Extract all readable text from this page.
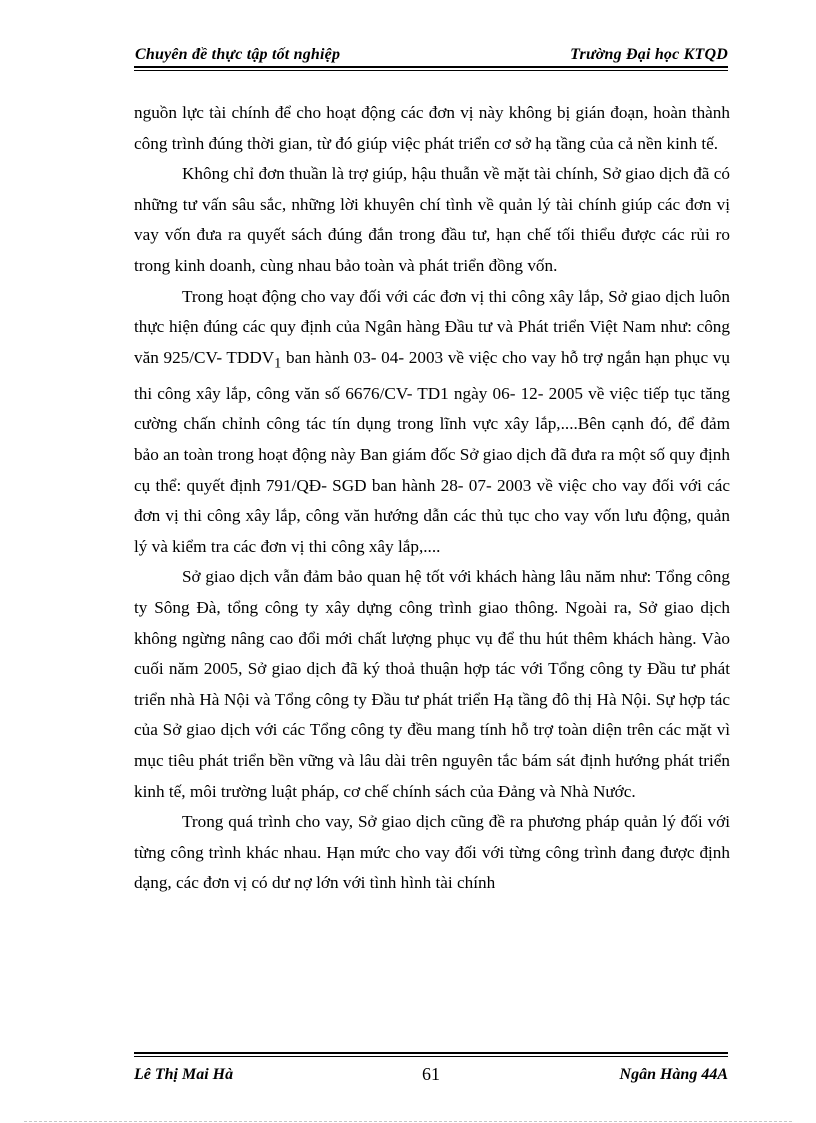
Chuyên đề thực tập tốt nghiệp	Trường Đại học KTQD

nguồn lực tài chính để cho hoạt động các đơn vị này không bị gián đoạn, hoàn thành công trình đúng thời gian, từ đó giúp việc phát triển cơ sở hạ tầng của cả nền kinh tế.

Không chỉ đơn thuần là trợ giúp, hậu thuẫn về mặt tài chính, Sở giao dịch đã có những tư vấn sâu sắc, những lời khuyên chí tình về quản lý tài chính giúp các đơn vị vay vốn đưa ra quyết sách đúng đắn trong đầu tư, hạn chế tối thiểu được các rủi ro trong kinh doanh, cùng nhau bảo toàn và phát triển đồng vốn.

Trong hoạt động cho vay đối với các đơn vị thi công xây lắp, Sở giao dịch luôn thực hiện đúng các quy định của Ngân hàng Đầu tư và Phát triển Việt Nam như: công văn 925/CV- $TDDV_1$ ban hành 03- 04- 2003 về việc cho vay hỗ trợ ngắn hạn phục vụ thi công xây lắp, công văn số 6676/CV- TD1 ngày 06- 12- 2005 về việc tiếp tục tăng cường chấn chỉnh công tác tín dụng trong lĩnh vực xây lắp,....Bên cạnh đó, để đảm bảo an toàn trong hoạt động này Ban giám đốc Sở giao dịch đã đưa ra một số quy định cụ thể: quyết định 791/QĐ- SGD ban hành 28- 07- 2003 về việc cho vay đối với các đơn vị thi công xây lắp, công văn hướng dẫn các thủ tục cho vay vốn lưu động, quản lý và kiểm tra các đơn vị thi công xây lắp,....

Sở giao dịch vẫn đảm bảo quan hệ tốt với khách hàng lâu năm như: Tổng công ty Sông Đà, tổng công ty xây dựng công trình giao thông. Ngoài ra, Sở giao dịch không ngừng nâng cao đổi mới chất lượng phục vụ để thu hút thêm khách hàng. Vào cuối năm 2005, Sở giao dịch đã ký thoả thuận hợp tác với Tổng công ty Đầu tư phát triển nhà Hà Nội và Tổng công ty Đầu tư phát triển Hạ tầng đô thị Hà Nội. Sự hợp tác của Sở giao dịch với các Tổng công ty đều mang tính hỗ trợ toàn diện trên các mặt vì mục tiêu phát triển bền vững và lâu dài trên nguyên tắc bám sát định hướng phát triển kinh tế, môi trường luật pháp, cơ chế chính sách của Đảng và Nhà Nước.

Trong quá trình cho vay, Sở giao dịch cũng đề ra phương pháp quản lý đối với từng công trình khác nhau. Hạn mức cho vay đối với từng công trình đang được định dạng, các đơn vị có dư nợ lớn với tình hình tài chính

Lê Thị Mai Hà	61	Ngân Hàng 44A
